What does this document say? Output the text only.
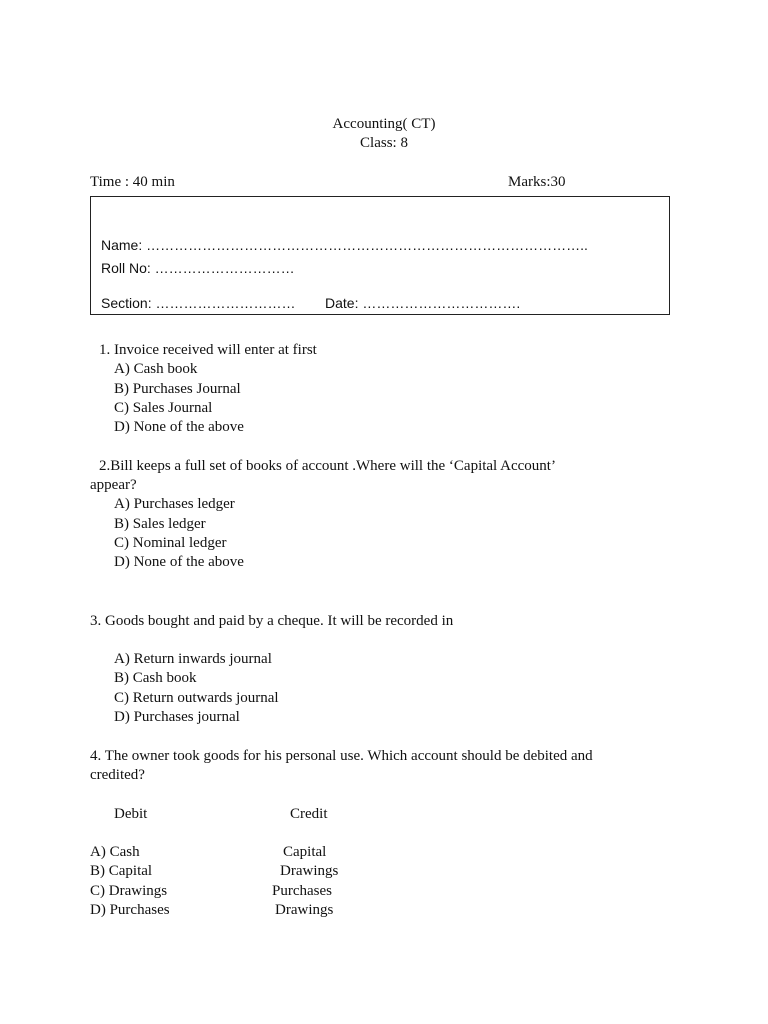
Accounting( CT)
Class: 8
Time : 40 min	Marks:30
Name: …………………………………………………………………………………..
Roll No: …………………………
Section: ………………………… Date: …………………………….
1. Invoice received will enter at first
A) Cash book
B) Purchases Journal
C) Sales Journal
D) None of the above
2.Bill keeps a full set of books of account .Where will the ‘Capital Account’
appear?
A) Purchases ledger
B) Sales ledger
C) Nominal ledger
D) None of the above
3. Goods bought and paid by a cheque. It will be recorded in
A) Return inwards journal
B) Cash book
C) Return outwards journal
D) Purchases journal
4. The owner took goods for his personal use. Which account should be debited and
credited?
Debit	Credit
A) Cash	Capital
B) Capital	Drawings
C) Drawings	Purchases
D) Purchases	Drawings
